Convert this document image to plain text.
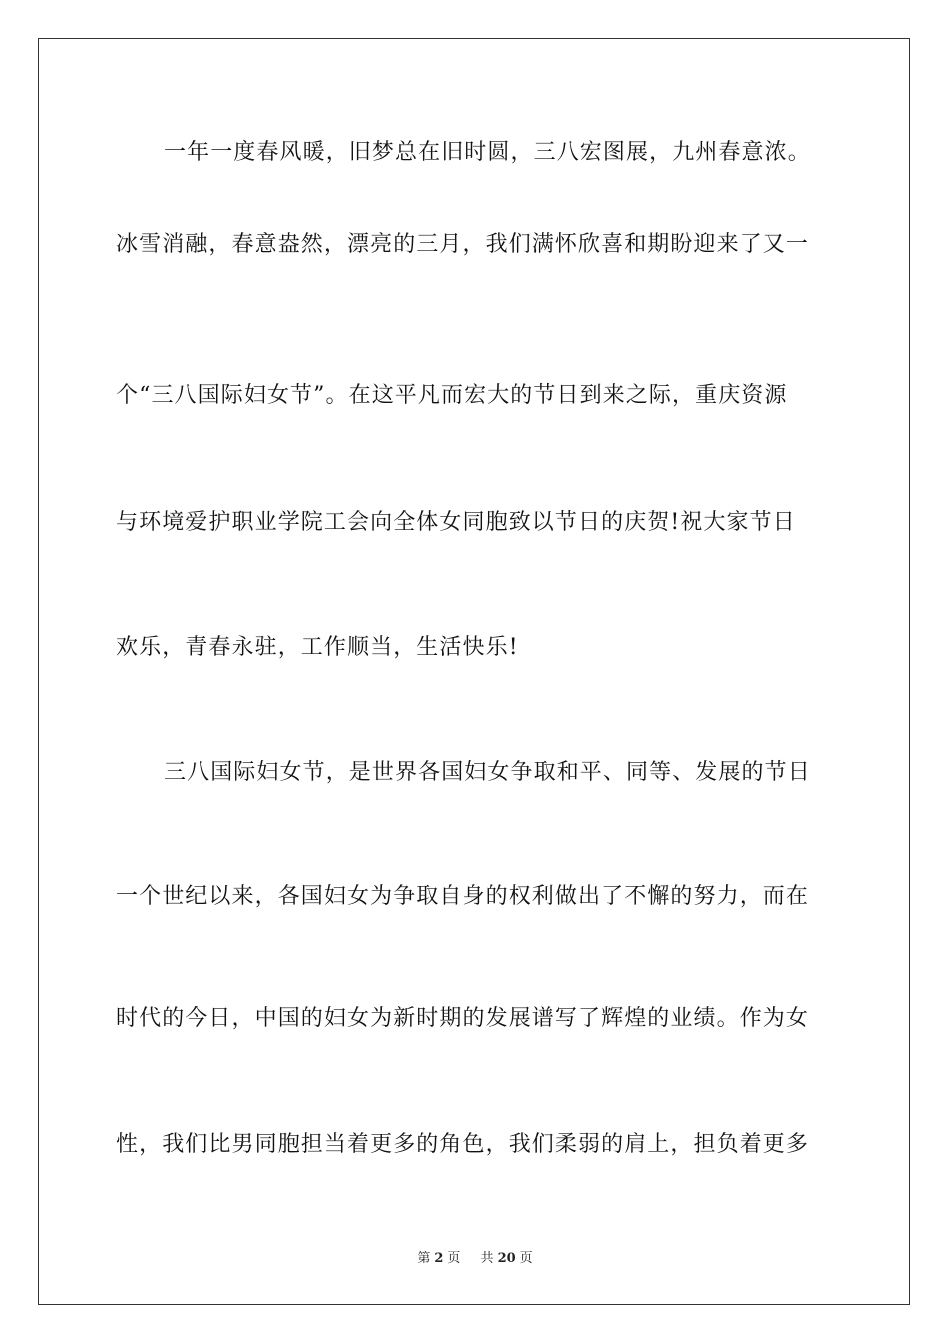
一年一度春风暖，旧梦总在旧时圆，三八宏图展，九州春意浓。
冰雪消融，春意盎然，漂亮的三月，我们满怀欣喜和期盼迎来了又一
个“三八国际妇女节”。在这平凡而宏大的节日到来之际，重庆资源
与环境爱护职业学院工会向全体女同胞致以节日的庆贺!祝大家节日
欢乐，青春永驻，工作顺当，生活快乐!
三八国际妇女节，是世界各国妇女争取和平、同等、发展的节日
一个世纪以来，各国妇女为争取自身的权利做出了不懈的努力，而在
时代的今日，中国的妇女为新时期的发展谱写了辉煌的业绩。作为女
性，我们比男同胞担当着更多的角色，我们柔弱的肩上，担负着更多
第 2 页 共 20 页
